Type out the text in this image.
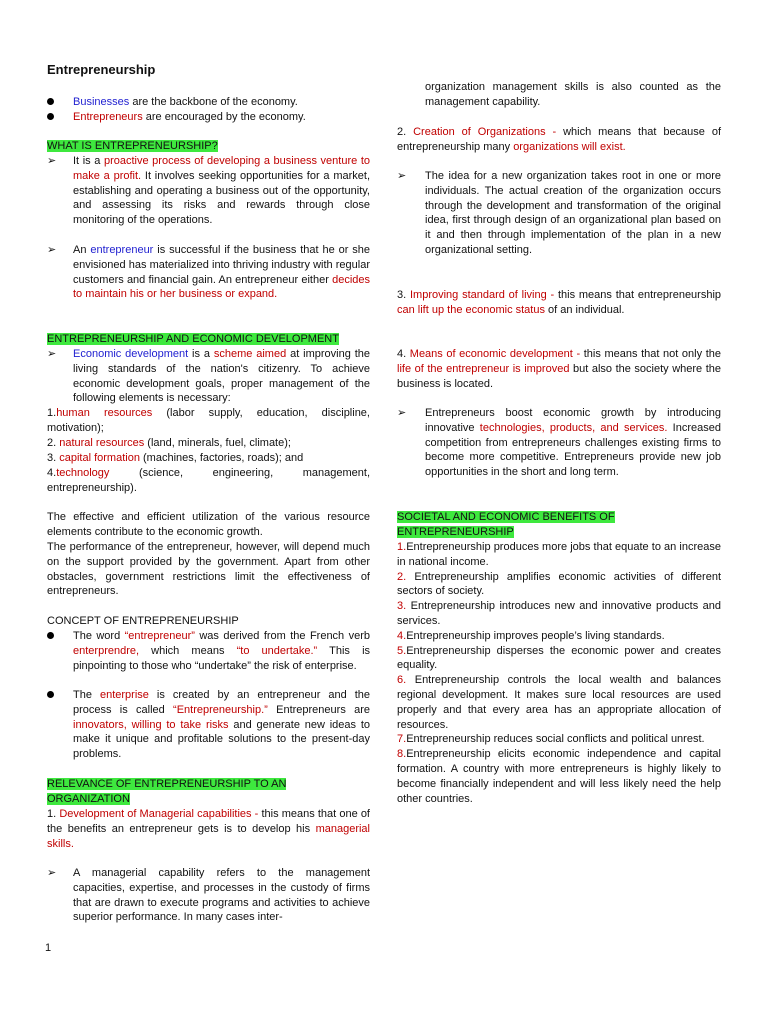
Entrepreneurship
Businesses are the backbone of the economy.
Entrepreneurs are encouraged by the economy.
WHAT IS ENTREPRENEURSHIP?
➢ It is a proactive process of developing a business venture to make a profit. It involves seeking opportunities for a market, establishing and operating a business out of the opportunity, and assessing its risks and rewards through close monitoring of the operations.
➢ An entrepreneur is successful if the business that he or she envisioned has materialized into thriving industry with regular customers and financial gain. An entrepreneur either decides to maintain his or her business or expand.
ENTREPRENEURSHIP AND ECONOMIC DEVELOPMENT
➢ Economic development is a scheme aimed at improving the living standards of the nation's citizenry. To achieve economic development goals, proper management of the following elements is necessary:
1.human resources (labor supply, education, discipline, motivation);
2. natural resources (land, minerals, fuel, climate);
3. capital formation (machines, factories, roads); and
4.technology (science, engineering, management, entrepreneurship).

The effective and efficient utilization of the various resource elements contribute to the economic growth.

The performance of the entrepreneur, however, will depend much on the support provided by the government. Apart from other obstacles, government restrictions limit the effectiveness of entrepreneurs.

CONCEPT OF ENTREPRENEURSHIP

The word “entrepreneur” was derived from the French verb enterprendre, which means “to undertake.” This is pinpointing to those who “undertake” the risk of enterprise.
The enterprise is created by an entrepreneur and the process is called “Entrepreneurship.” Entrepreneurs are innovators, willing to take risks and generate new ideas to make it unique and profitable solutions to the present-day problems.
RELEVANCE OF ENTREPRENEURSHIP TO AN ORGANIZATION
1. Development of Managerial capabilities - this means that one of the benefits an entrepreneur gets is to develop his managerial skills.
➢ A managerial capability refers to the management capacities, expertise, and processes in the custody of firms that are drawn to execute programs and activities to achieve superior performance. In many cases inter-

organization management skills is also counted as the management capability.

2. Creation of Organizations - which means that because of entrepreneurship many organizations will exist.
➢ The idea for a new organization takes root in one or more individuals. The actual creation of the organization occurs through the development and transformation of the original idea, first through design of an organizational plan based on it and then through implementation of the plan in a new organizational setting.
3. Improving standard of living - this means that entrepreneurship can lift up the economic status of an individual.
4. Means of economic development - this means that not only the life of the entrepreneur is improved but also the society where the business is located.
➢ Entrepreneurs boost economic growth by introducing innovative technologies, products, and services. Increased competition from entrepreneurs challenges existing firms to become more competitive. Entrepreneurs provide new job opportunities in the short and long term.
SOCIETAL AND ECONOMIC BENEFITS OF ENTREPRENEURSHIP

1.Entrepreneurship produces more jobs that equate to an increase in national income.

2. Entrepreneurship amplifies economic activities of different sectors of society.

3. Entrepreneurship introduces new and innovative products and services.

4.Entrepreneurship improves people’s living standards.

5.Entrepreneurship disperses the economic power and creates equality.

6. Entrepreneurship controls the local wealth and balances regional development. It makes sure local resources are used properly and that every area has an appropriate allocation of resources.

7.Entrepreneurship reduces social conflicts and political unrest.

8.Entrepreneurship elicits economic independence and capital formation. A country with more entrepreneurs is highly likely to become financially independent and will less likely need the help other countries.

1
